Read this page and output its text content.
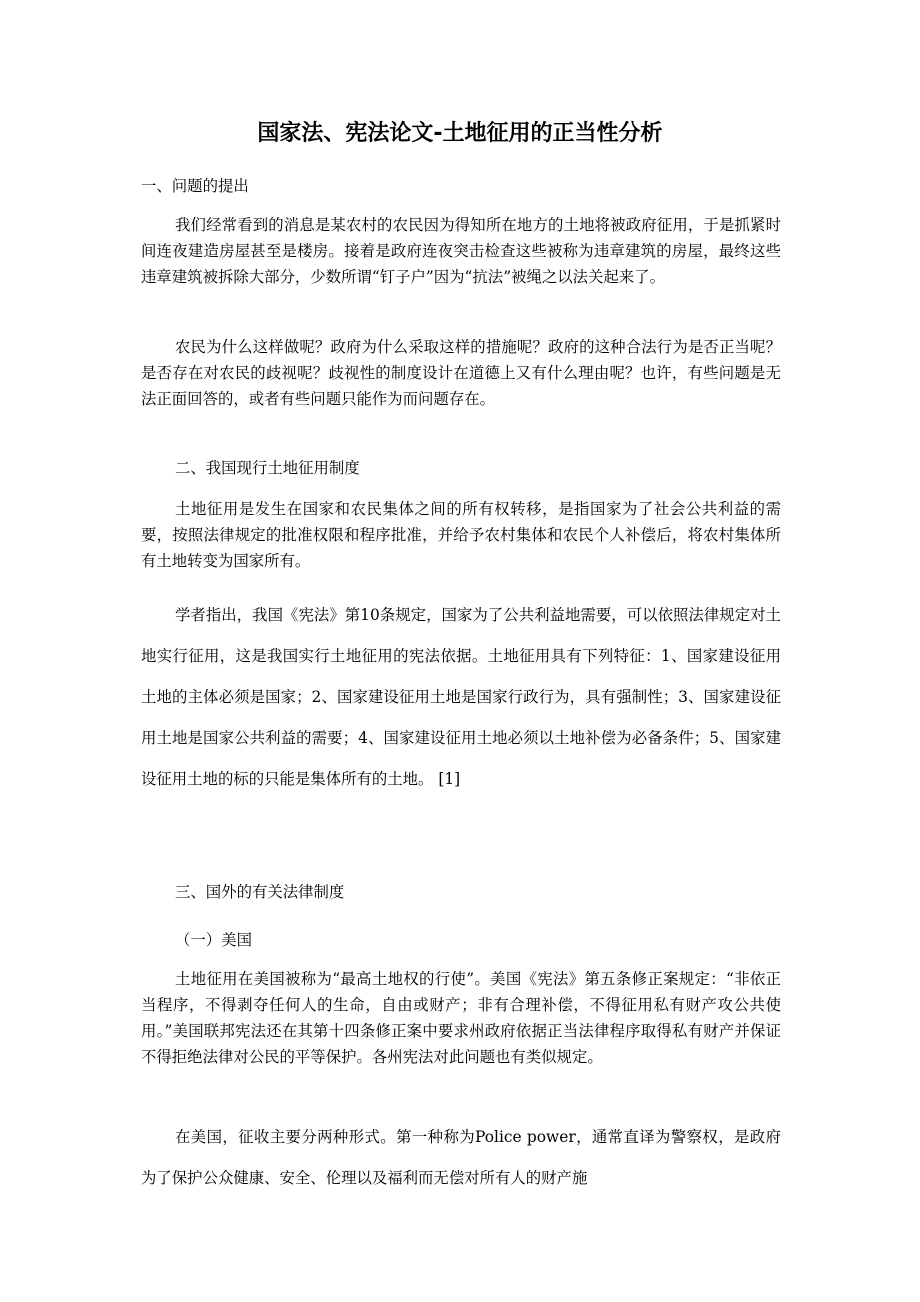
国家法、宪法论文-土地征用的正当性分析

一、问题的提出

我们经常看到的消息是某农村的农民因为得知所在地方的土地将被政府征用，于是抓紧时间连夜建造房屋甚至是楼房。接着是政府连夜突击检查这些被称为违章建筑的房屋，最终这些违章建筑被拆除大部分，少数所谓“钉子户”因为“抗法”被绳之以法关起来了。

农民为什么这样做呢？政府为什么采取这样的措施呢？政府的这种合法行为是否正当呢？是否存在对农民的歧视呢？歧视性的制度设计在道德上又有什么理由呢？也许，有些问题是无法正面回答的，或者有些问题只能作为而问题存在。

二、我国现行土地征用制度

土地征用是发生在国家和农民集体之间的所有权转移，是指国家为了社会公共利益的需要，按照法律规定的批准权限和程序批准，并给予农村集体和农民个人补偿后，将农村集体所有土地转变为国家所有。

学者指出，我国《宪法》第10条规定，国家为了公共利益地需要，可以依照法律规定对土地实行征用，这是我国实行土地征用的宪法依据。土地征用具有下列特征：1、国家建设征用土地的主体必须是国家；2、国家建设征用土地是国家行政行为，具有强制性；3、国家建设征用土地是国家公共利益的需要；4、国家建设征用土地必须以土地补偿为必备条件；5、国家建设征用土地的标的只能是集体所有的土地。 [1]

三、国外的有关法律制度

（一）美国

土地征用在美国被称为“最高土地权的行使”。美国《宪法》第五条修正案规定：“非依正当程序，不得剥夺任何人的生命，自由或财产；非有合理补偿，不得征用私有财产攻公共使用。”美国联邦宪法还在其第十四条修正案中要求州政府依据正当法律程序取得私有财产并保证不得拒绝法律对公民的平等保护。各州宪法对此问题也有类似规定。

在美国，征收主要分两种形式。第一种称为Police power，通常直译为警察权，是政府为了保护公众健康、安全、伦理以及福利而无偿对所有人的财产施
